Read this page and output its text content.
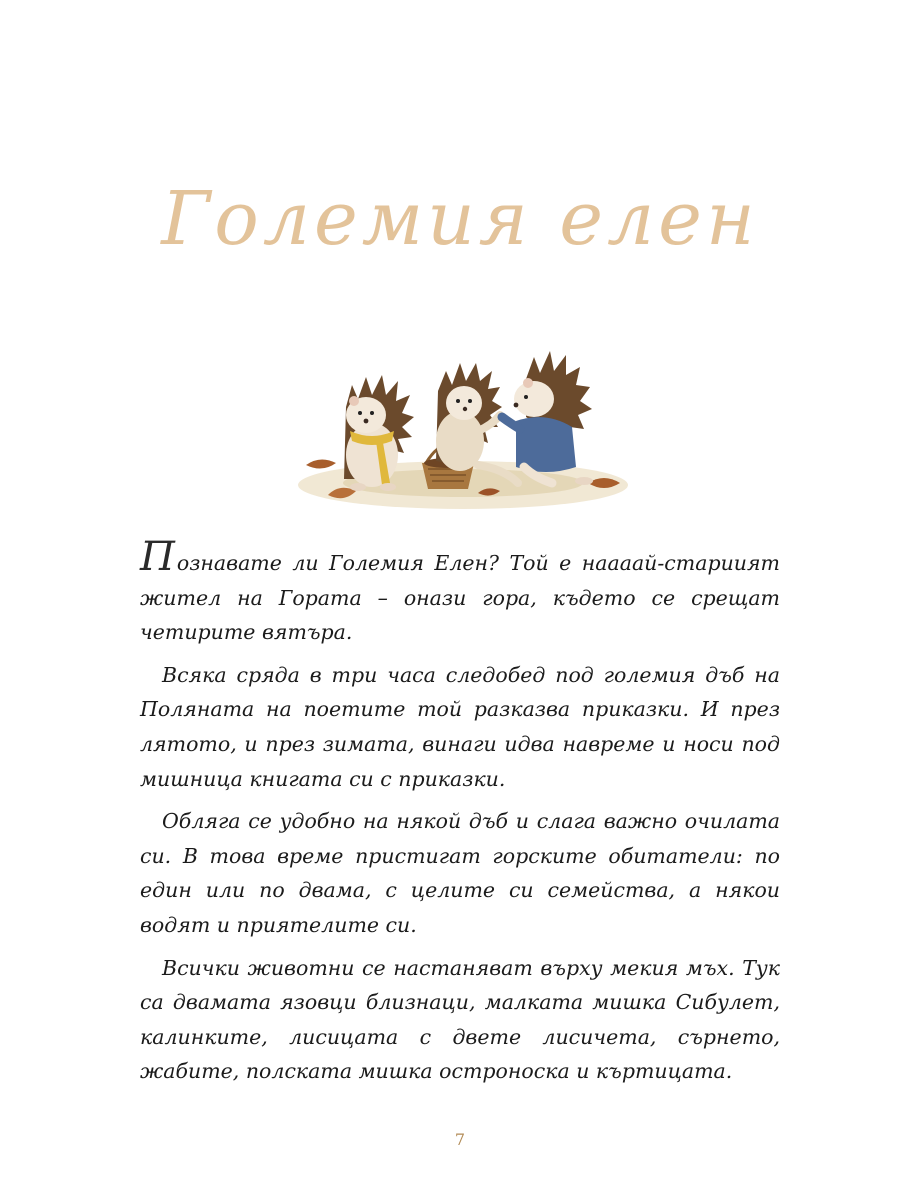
Големия елен

Познавате ли Големия Елен? Той е наааай-стариият жител на Гората – онази гора, където се срещат четирите вятъра.

Всяка сряда в три часа следобед под големия дъб на Поляната на поетите той разказва приказки. И през лятото, и през зимата, винаги идва навреме и носи под мишница книгата си с приказки.

Обляга се удобно на някой дъб и слага важно очилата си. В това време пристигат горските обитатели: по един или по двама, с целите си семейства, а някои водят и приятелите си.

Всички животни се настаняват върху мекия мъх. Тук са двамата язовци близнаци, малката мишка Сибулет, калинките, лисицата с двете лисичета, сърнето, жабите, полската мишка остроноска и къртицата.

7
